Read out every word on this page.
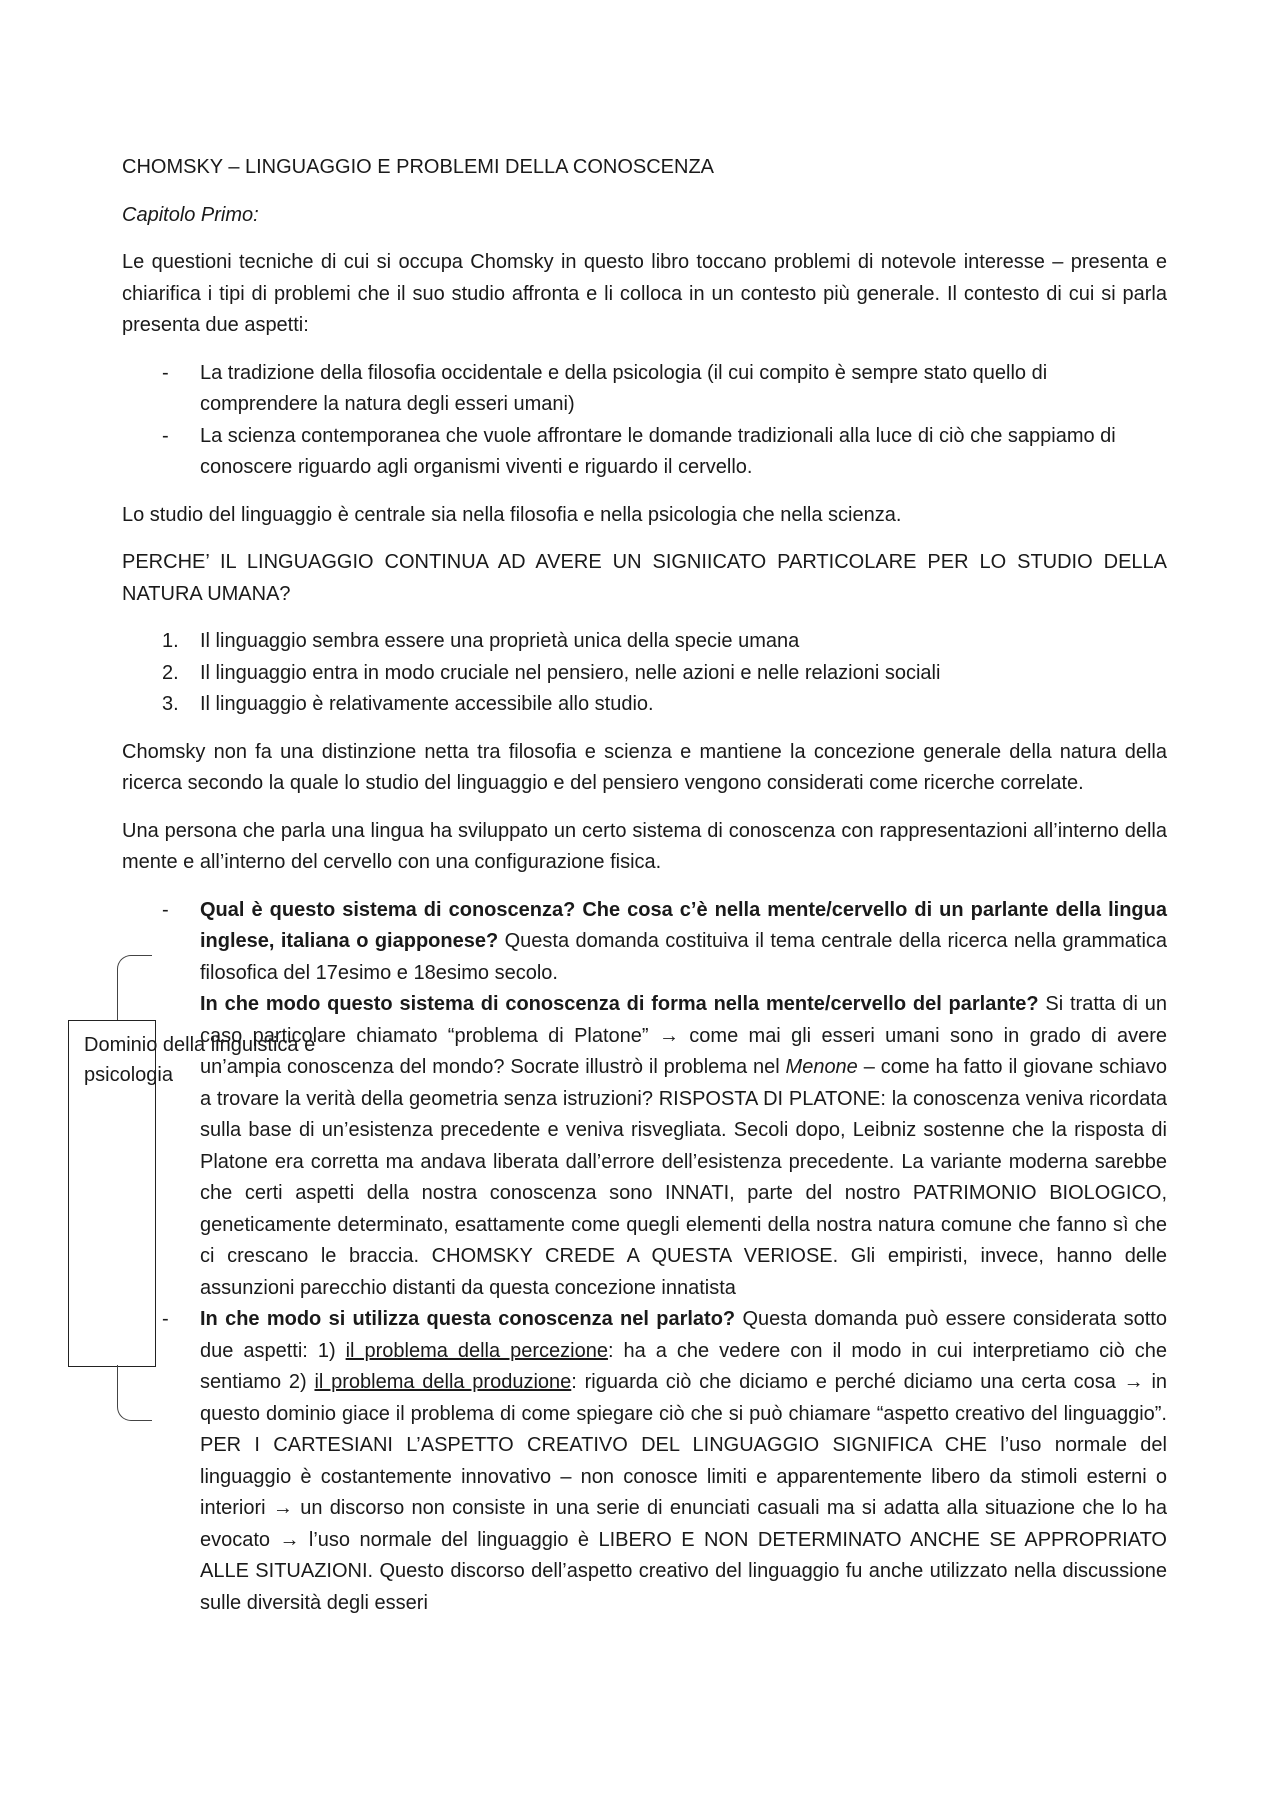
CHOMSKY – LINGUAGGIO E PROBLEMI DELLA CONOSCENZA

Capitolo Primo:

Le questioni tecniche di cui si occupa Chomsky in questo libro toccano problemi di notevole interesse – presenta e chiarifica i tipi di problemi che il suo studio affronta e li colloca in un contesto più generale. Il contesto di cui si parla presenta due aspetti:

- La tradizione della filosofia occidentale e della psicologia (il cui compito è sempre stato quello di comprendere la natura degli esseri umani)
- La scienza contemporanea che vuole affrontare le domande tradizionali alla luce di ciò che sappiamo di conoscere riguardo agli organismi viventi e riguardo il cervello.

Lo studio del linguaggio è centrale sia nella filosofia e nella psicologia che nella scienza.

PERCHE’ IL LINGUAGGIO CONTINUA AD AVERE UN SIGNIICATO PARTICOLARE PER LO STUDIO DELLA NATURA UMANA?

1. Il linguaggio sembra essere una proprietà unica della specie umana
2. Il linguaggio entra in modo cruciale nel pensiero, nelle azioni e nelle relazioni sociali
3. Il linguaggio è relativamente accessibile allo studio.

Chomsky non fa una distinzione netta tra filosofia e scienza e mantiene la concezione generale della natura della ricerca secondo la quale lo studio del linguaggio e del pensiero vengono considerati come ricerche correlate.

Una persona che parla una lingua ha sviluppato un certo sistema di conoscenza con rappresentazioni all’interno della mente e all’interno del cervello con una configurazione fisica.

- Qual è questo sistema di conoscenza? Che cosa c’è nella mente/cervello di un parlante della lingua inglese, italiana o giapponese? Questa domanda costituiva il tema centrale della ricerca nella grammatica filosofica del 17esimo e 18esimo secolo.
In che modo questo sistema di conoscenza di forma nella mente/cervello del parlante? Si tratta di un caso particolare chiamato “problema di Platone” → come mai gli esseri umani sono in grado di avere un’ampia conoscenza del mondo? Socrate illustrò il problema nel Menone – come ha fatto il giovane schiavo a trovare la verità della geometria senza istruzioni? RISPOSTA DI PLATONE: la conoscenza veniva ricordata sulla base di un’esistenza precedente e veniva risvegliata. Secoli dopo, Leibniz sostenne che la risposta di Platone era corretta ma andava liberata dall’errore dell’esistenza precedente. La variante moderna sarebbe che certi aspetti della nostra conoscenza sono INNATI, parte del nostro PATRIMONIO BIOLOGICO, geneticamente determinato, esattamente come quegli elementi della nostra natura comune che fanno sì che ci crescano le braccia. CHOMSKY CREDE A QUESTA VERIOSE. Gli empiristi, invece, hanno delle assunzioni parecchio distanti da questa concezione innatista
- In che modo si utilizza questa conoscenza nel parlato? Questa domanda può essere considerata sotto due aspetti: 1) il problema della percezione: ha a che vedere con il modo in cui interpretiamo ciò che sentiamo 2) il problema della produzione: riguarda ciò che diciamo e perché diciamo una certa cosa → in questo dominio giace il problema di come spiegare ciò che si può chiamare “aspetto creativo del linguaggio”. PER I CARTESIANI L’ASPETTO CREATIVO DEL LINGUAGGIO SIGNIFICA CHE l’uso normale del linguaggio è costantemente innovativo – non conosce limiti e apparentemente libero da stimoli esterni o interiori → un discorso non consiste in una serie di enunciati casuali ma si adatta alla situazione che lo ha evocato → l’uso normale del linguaggio è LIBERO E NON DETERMINATO ANCHE SE APPROPRIATO ALLE SITUAZIONI. Questo discorso dell’aspetto creativo del linguaggio fu anche utilizzato nella discussione sulle diversità degli esseri
Dominio della linguistica e psicologia
